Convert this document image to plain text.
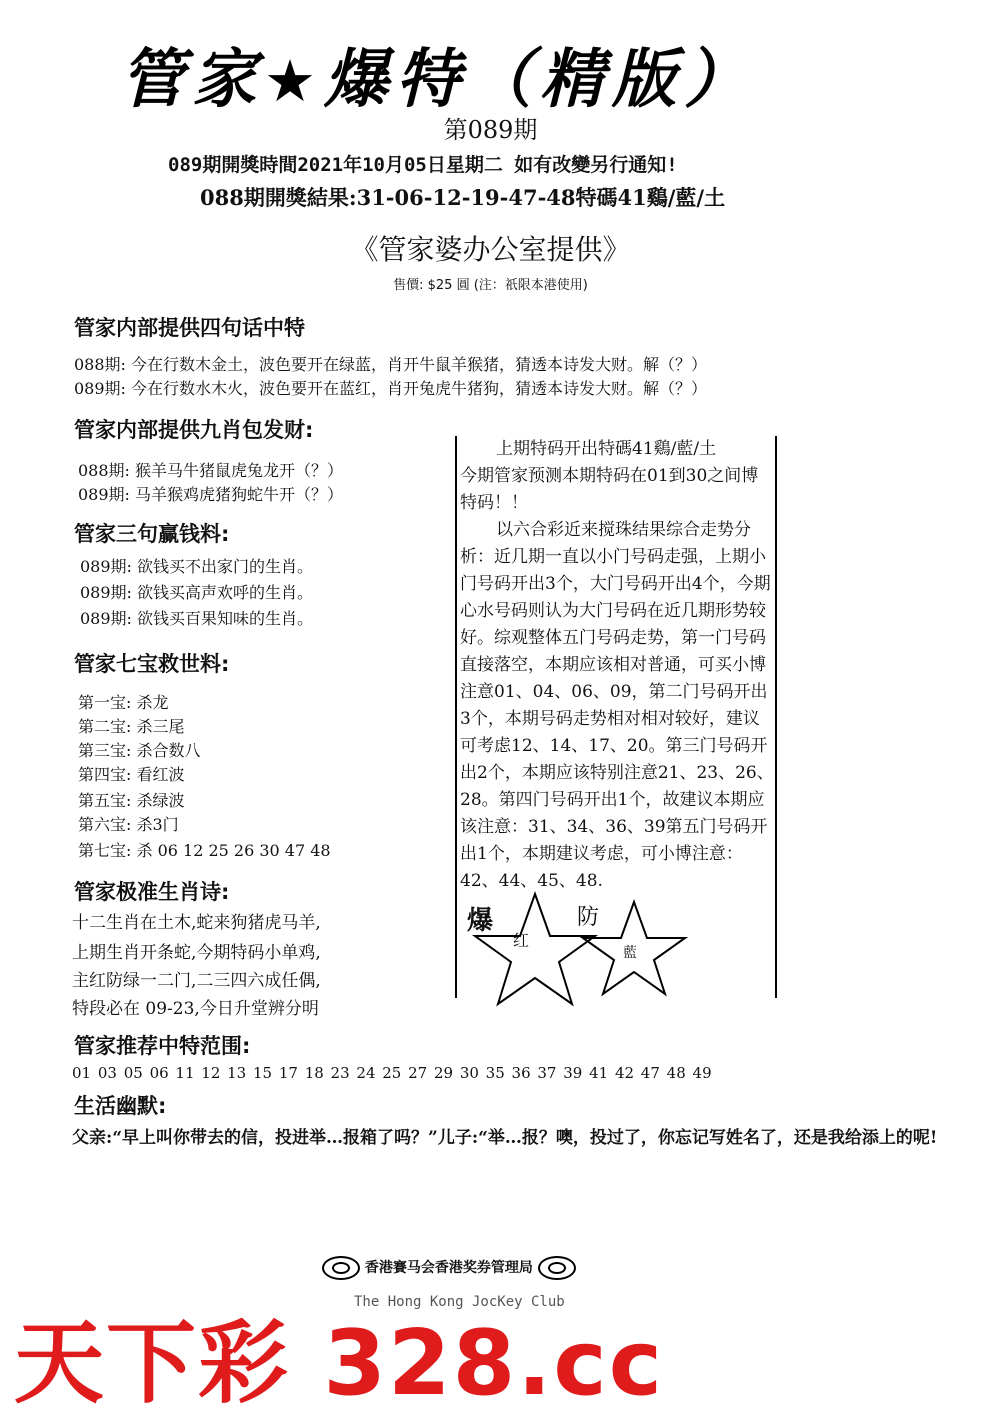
管家★爆特（精版）
第089期
089期開獎時間2021年10月05日星期二 如有改變另行通知!
088期開獎結果:31-06-12-19-47-48特碼41鷄/藍/土
《管家婆办公室提供》
售價: $25 圓 (注：祇限本港使用)
管家内部提供四句话中特
088期: 今在行数木金土，波色要开在绿蓝，肖开牛鼠羊猴猪，猜透本诗发大财。解（？）
089期: 今在行数水木火，波色要开在蓝红，肖开兔虎牛猪狗，猜透本诗发大财。解（？）
管家内部提供九肖包发财:
088期: 猴羊马牛猪鼠虎兔龙开（？）
089期: 马羊猴鸡虎猪狗蛇牛开（？）
管家三句赢钱料:
089期: 欲钱买不出家门的生肖。
089期: 欲钱买高声欢呼的生肖。
089期: 欲钱买百果知味的生肖。
管家七宝救世料:
第一宝: 杀龙
第二宝: 杀三尾
第三宝: 杀合数八
第四宝: 看红波
第五宝: 杀绿波
第六宝: 杀3门
第七宝: 杀 06 12 25 26 30 47 48
管家极准生肖诗:
十二生肖在土木,蛇来狗猪虎马羊,
上期生肖开条蛇,今期特码小单鸡,
主红防绿一二门,二三四六成任偶,
特段必在 09-23,今日升堂辨分明
管家推荐中特范围:
01 03 05 06 11 12 13 15 17 18 23 24 25 27 29 30 35 36 37 39 41 42 47 48 49
生活幽默:
父亲:“早上叫你带去的信，投进举…报箱了吗？”儿子:“举…报？噢，投过了，你忘记写姓名了，还是我给添上的呢!

上期特码开出特碼41鷄/藍/土

今期管家预测本期特码在01到30之间博特码！！

以六合彩近来搅珠结果综合走势分析：近几期一直以小门号码走强，上期小门号码开出3个，大门号码开出4个，今期心水号码则认为大门号码在近几期形势较好。综观整体五门号码走势，第一门号码直接落空，本期应该相对普通，可买小博注意01、04、06、09，第二门号码开出3个，本期号码走势相对相对较好，建议可考虑12、14、17、20。第三门号码开出2个，本期应该特别注意21、23、26、28。第四门号码开出1个，故建议本期应该注意：31、34、36、39第五门号码开出1个，本期建议考虑，可小博注意：42、44、45、48.

爆
红
防
藍
香港賽马会香港奖券管理局
The Hong Kong JocKey Club
天下彩 328.cc
